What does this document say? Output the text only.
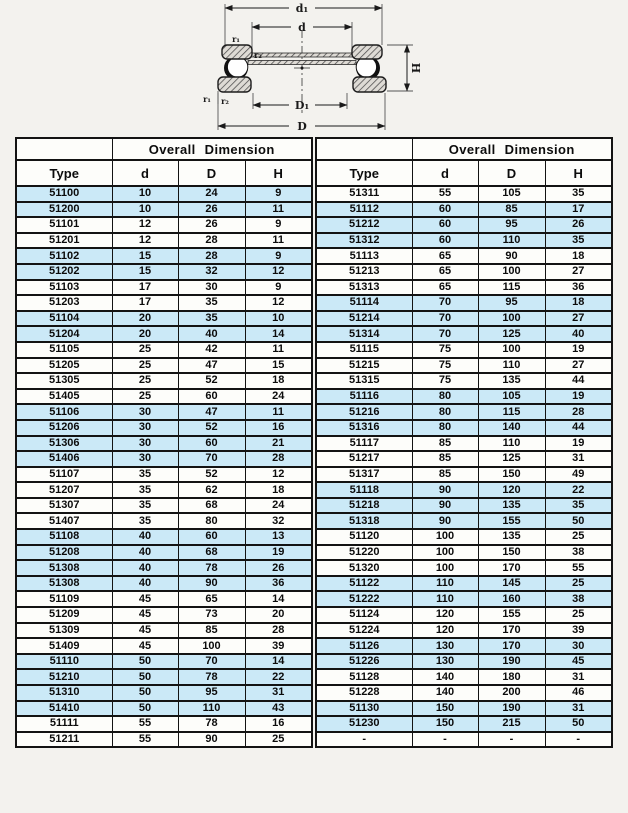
d₁
d
D₁
D
H
r₁
r₂
r₁ r₂
	Overall Dimension		
Type	d	D	H
51100	10	24	9
51200	10	26	11
51101	12	26	9
51201	12	28	11
51102	15	28	9
51202	15	32	12
51103	17	30	9
51203	17	35	12
51104	20	35	10
51204	20	40	14
51105	25	42	11
51205	25	47	15
51305	25	52	18
51405	25	60	24
51106	30	47	11
51206	30	52	16
51306	30	60	21
51406	30	70	28
51107	35	52	12
51207	35	62	18
51307	35	68	24
51407	35	80	32
51108	40	60	13
51208	40	68	19
51308	40	78	26
51308	40	90	36
51109	45	65	14
51209	45	73	20
51309	45	85	28
51409	45	100	39
51110	50	70	14
51210	50	78	22
51310	50	95	31
51410	50	110	43
51111	55	78	16
51211	55	90	25
	Overall Dimension		
Type	d	D	H
51311	55	105	35
51112	60	85	17
51212	60	95	26
51312	60	110	35
51113	65	90	18
51213	65	100	27
51313	65	115	36
51114	70	95	18
51214	70	100	27
51314	70	125	40
51115	75	100	19
51215	75	110	27
51315	75	135	44
51116	80	105	19
51216	80	115	28
51316	80	140	44
51117	85	110	19
51217	85	125	31
51317	85	150	49
51118	90	120	22
51218	90	135	35
51318	90	155	50
51120	100	135	25
51220	100	150	38
51320	100	170	55
51122	110	145	25
51222	110	160	38
51124	120	155	25
51224	120	170	39
51126	130	170	30
51226	130	190	45
51128	140	180	31
51228	140	200	46
51130	150	190	31
51230	150	215	50
-	-	-	-
